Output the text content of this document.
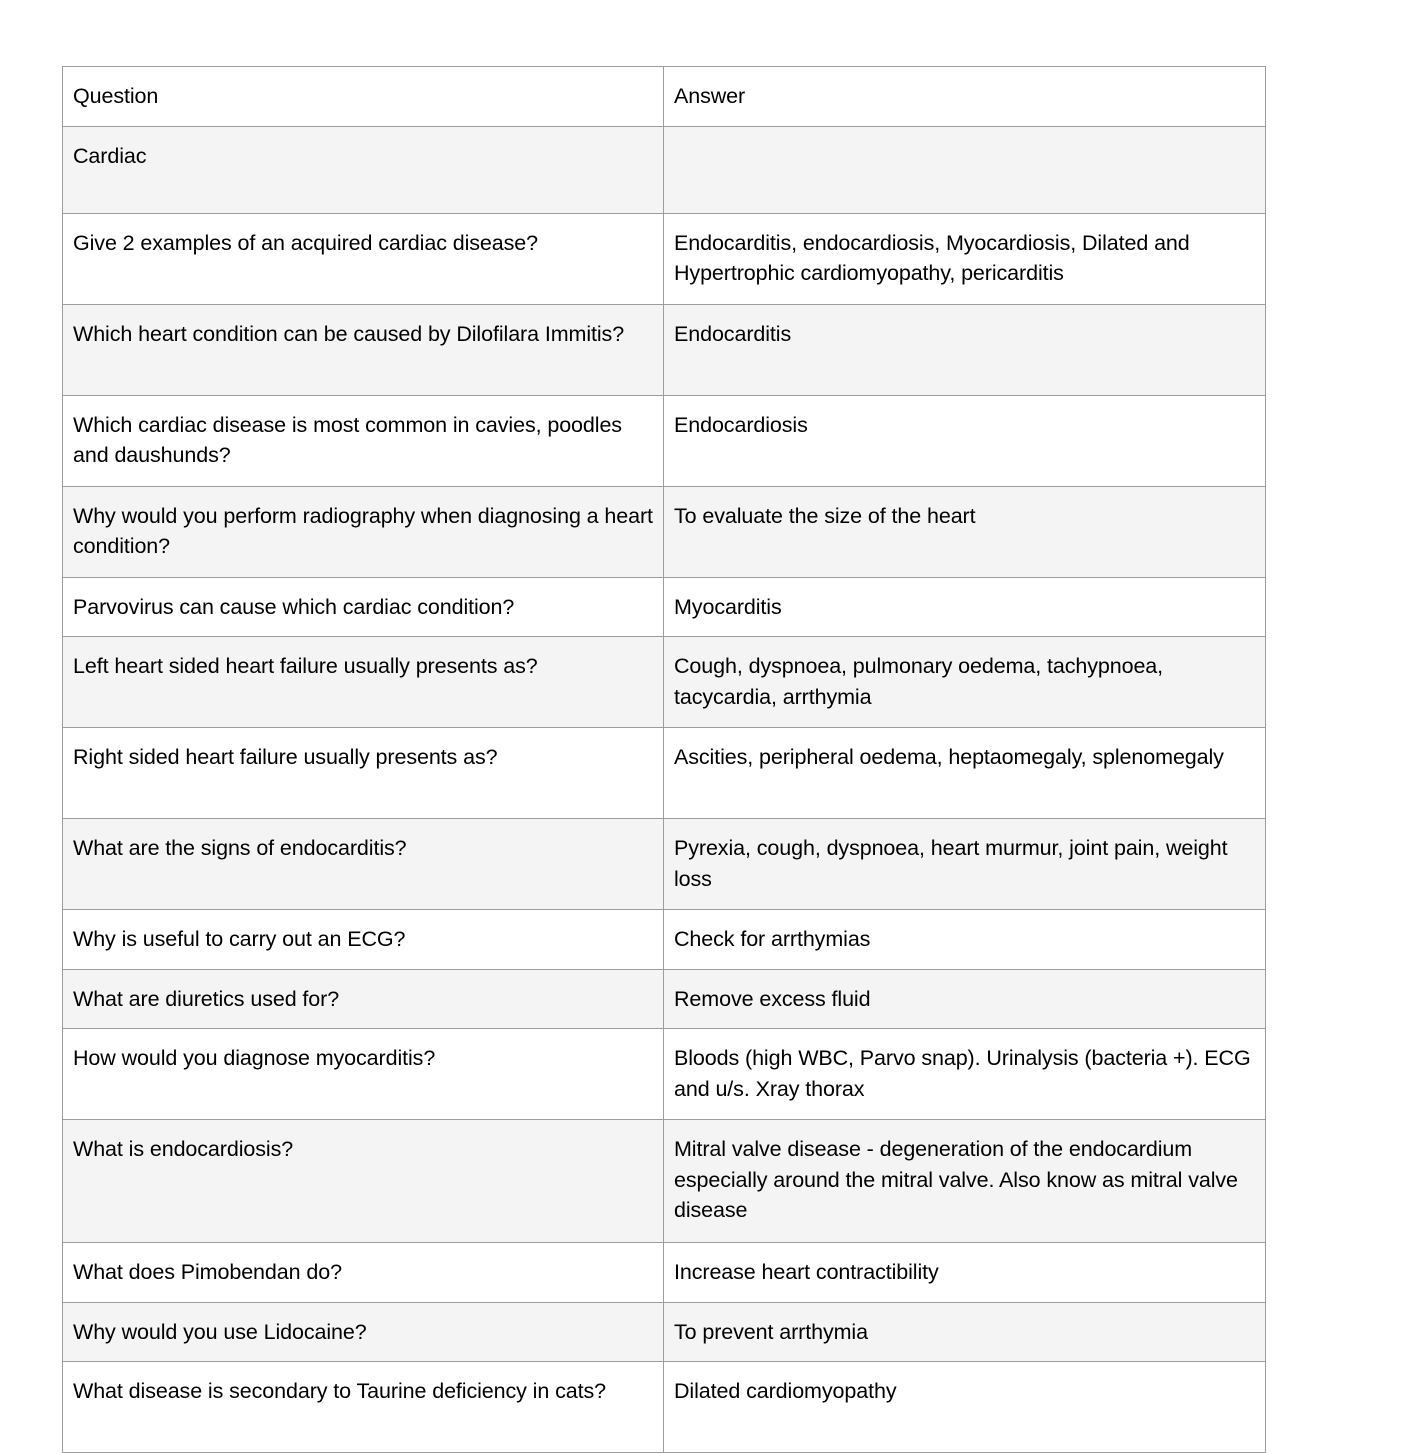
Question	Answer
Cardiac	
Give 2 examples of an acquired cardiac disease?	Endocarditis, endocardiosis, Myocardiosis, Dilated and Hypertrophic cardiomyopathy, pericarditis
Which heart condition can be caused by Dilofilara Immitis?	Endocarditis
Which cardiac disease is most common in cavies, poodles and daushunds?	Endocardiosis
Why would you perform radiography when diagnosing a heart condition?	To evaluate the size of the heart
Parvovirus can cause which cardiac condition?	Myocarditis
Left heart sided heart failure usually presents as?	Cough, dyspnoea, pulmonary oedema, tachypnoea, tacycardia, arrthymia
Right sided heart failure usually presents as?	Ascities, peripheral oedema, heptaomegaly, splenomegaly
What are the signs of endocarditis?	Pyrexia, cough, dyspnoea, heart murmur, joint pain, weight loss
Why is useful to carry out an ECG?	Check for arrthymias
What are diuretics used for?	Remove excess fluid
How would you diagnose myocarditis?	Bloods (high WBC, Parvo snap). Urinalysis (bacteria +). ECG and u/s. Xray thorax
What is endocardiosis?	Mitral valve disease - degeneration of the endocardium especially around the mitral valve. Also know as mitral valve disease
What does Pimobendan do?	Increase heart contractibility
Why would you use Lidocaine?	To prevent arrthymia
What disease is secondary to Taurine deficiency in cats?	Dilated cardiomyopathy
